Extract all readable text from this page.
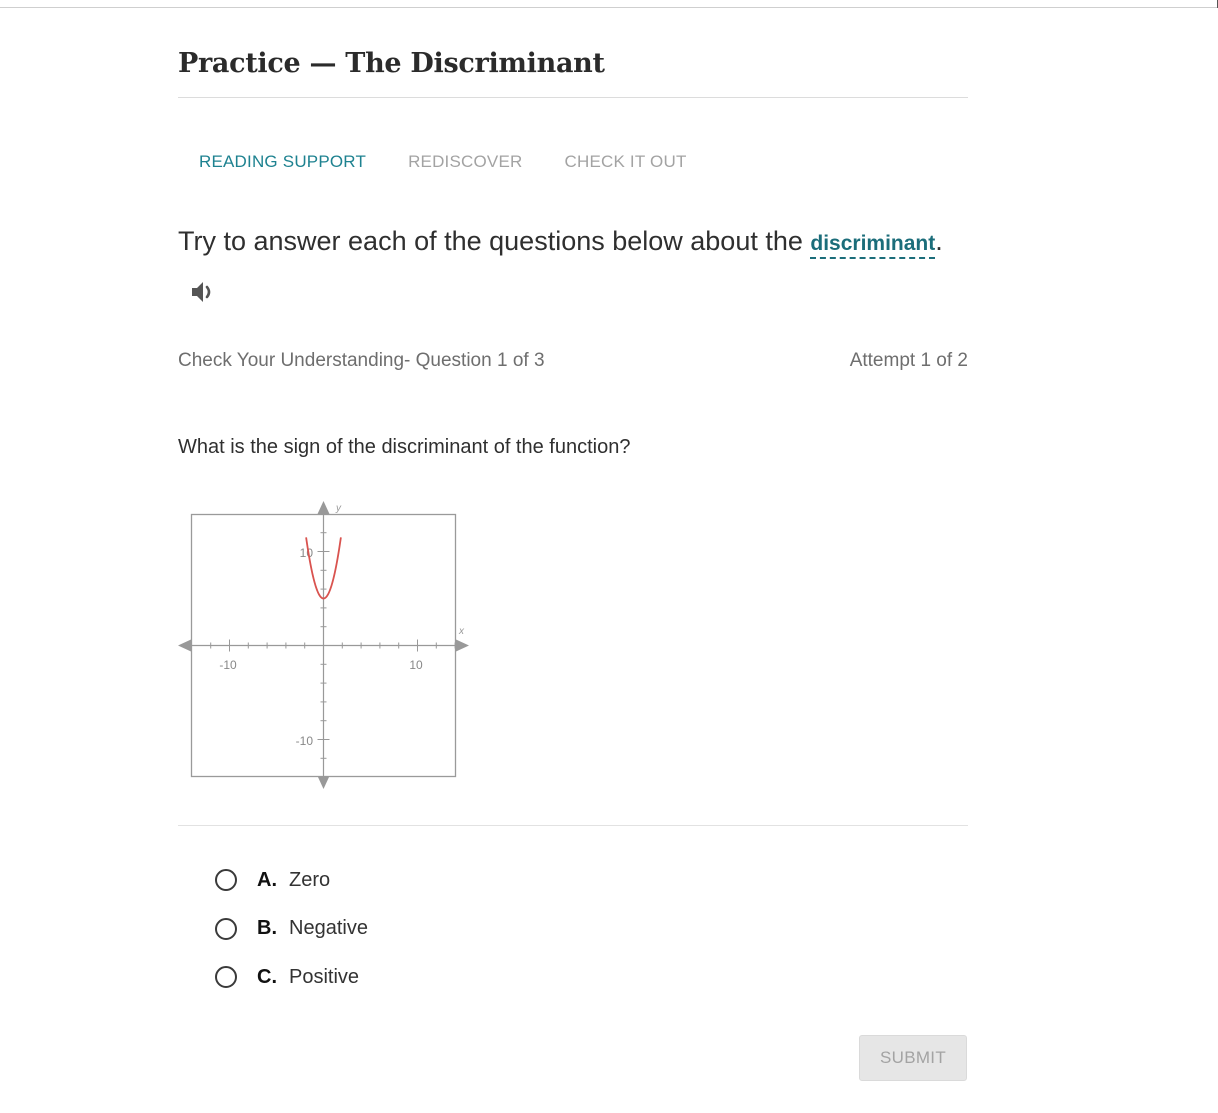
Practice — The Discriminant
READING SUPPORT REDISCOVER CHECK IT OUT
Try to answer each of the questions below about the discriminant.
Check Your Understanding- Question 1 of 3	Attempt 1 of 2
What is the sign of the discriminant of the function?
x
y
-10	10
10
-10
A. Zero
B. Negative
C. Positive
SUBMIT
